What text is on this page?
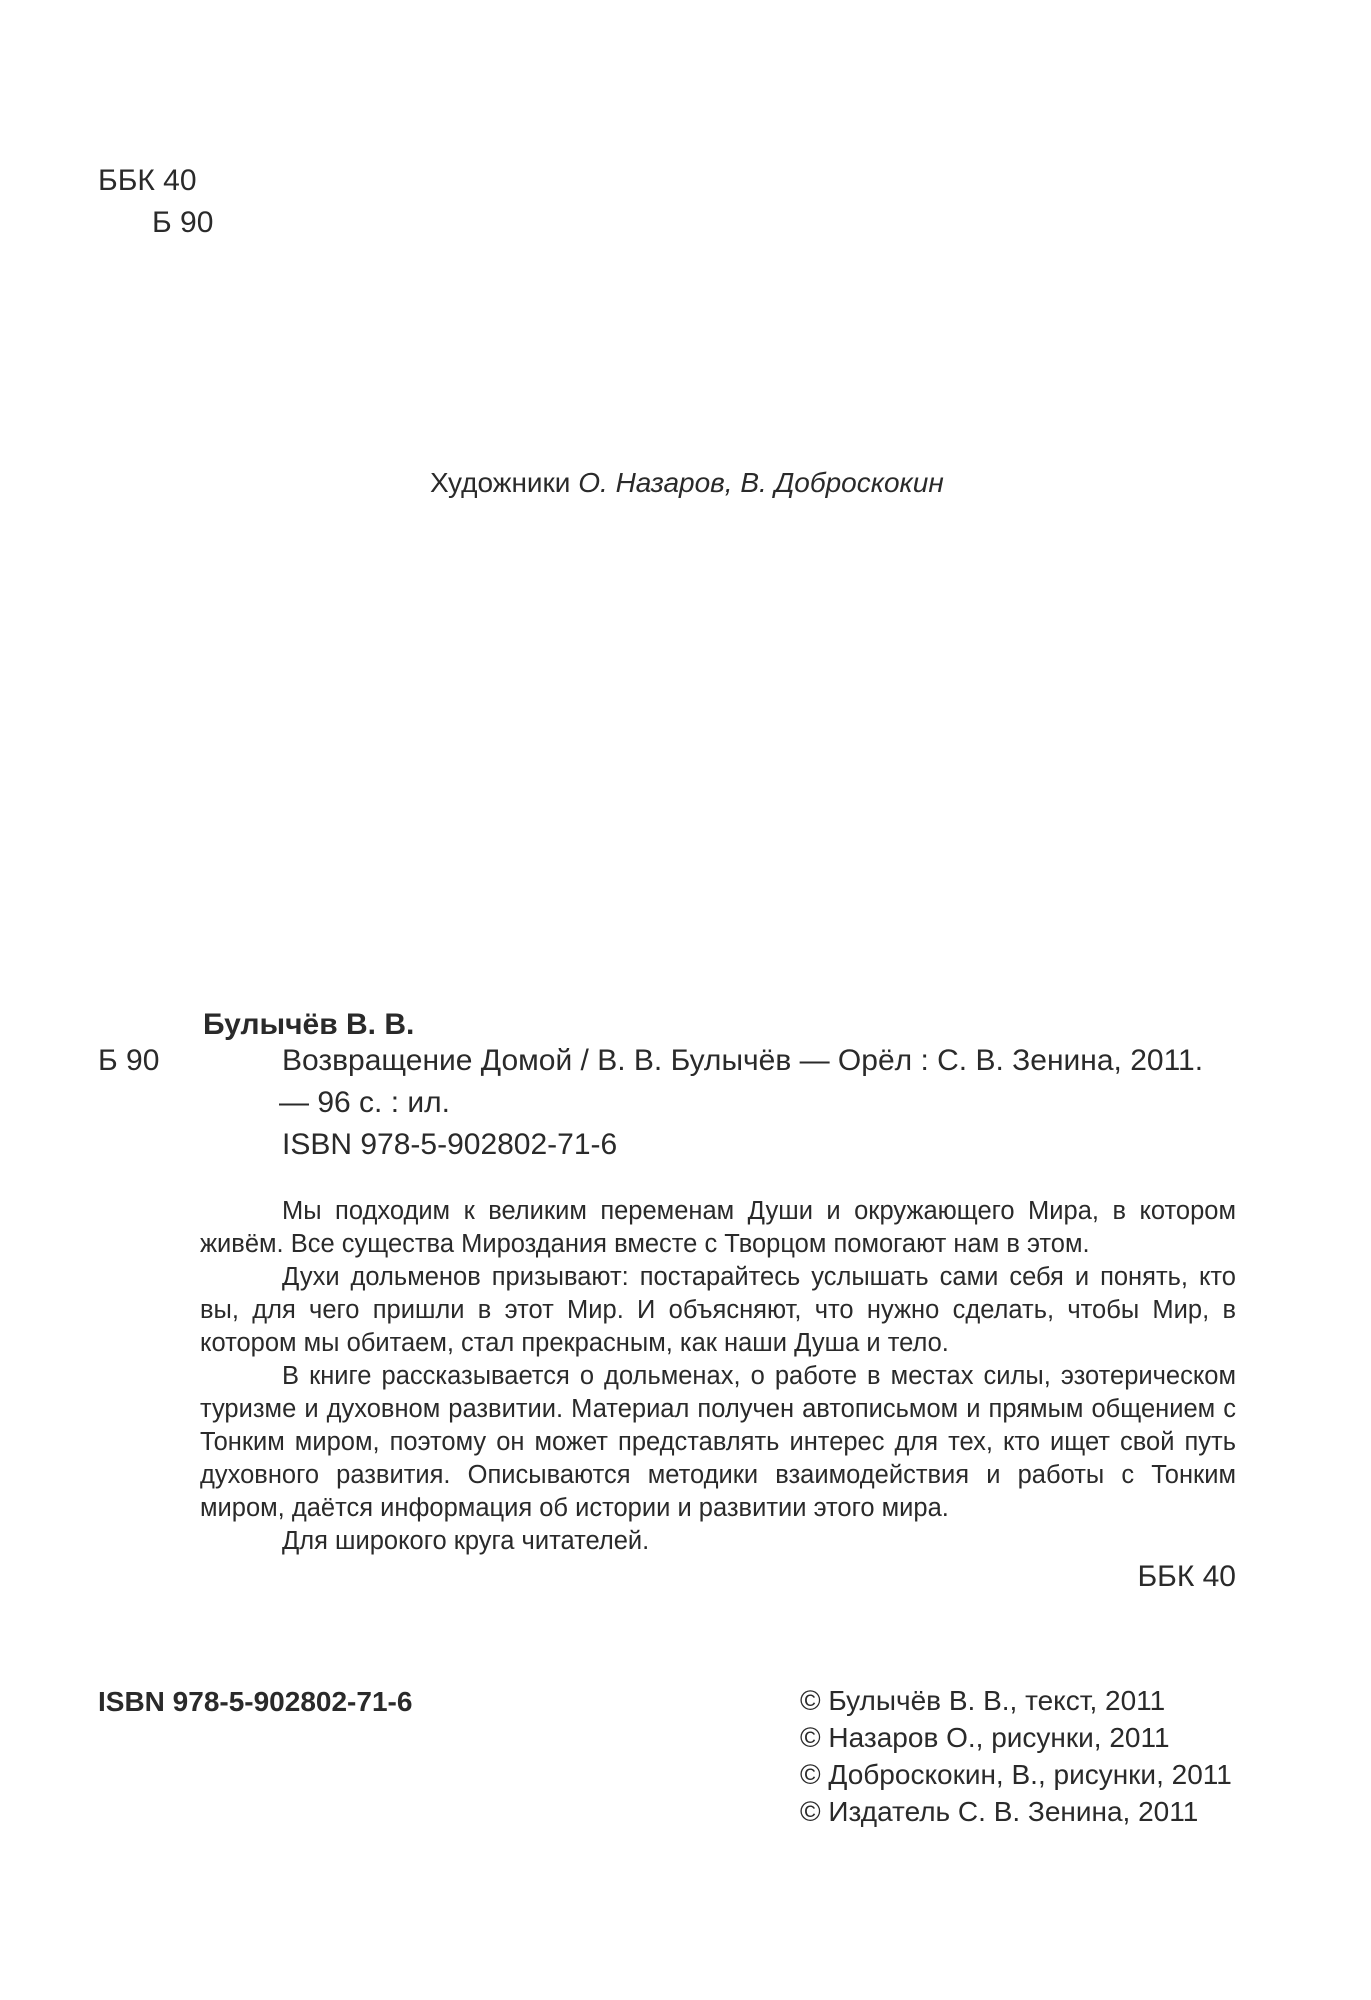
ББК 40
Б 90
Художники О. Назаров, В. Доброскокин
Булычёв В. В.
Б 90	Возвращение Домой / В. В. Булычёв — Орёл : С. В. Зенина, 2011.
— 96 с. : ил.
ISBN 978-5-902802-71-6

Мы подходим к великим переменам Души и окружающего Мира, в котором живём. Все существа Мироздания вместе с Творцом помогают нам в этом.

Духи дольменов призывают: постарайтесь услышать сами себя и понять, кто вы, для чего пришли в этот Мир. И объясняют, что нужно сделать, чтобы Мир, в котором мы обитаем, стал прекрасным, как наши Душа и тело.

В книге рассказывается о дольменах, о работе в местах силы, эзотерическом туризме и духовном развитии. Материал получен автописьмом и прямым общением с Тонким миром, поэтому он может представлять интерес для тех, кто ищет свой путь духовного развития. Описываются методики взаимодействия и работы с Тонким миром, даётся информация об истории и развитии этого мира.

Для широкого круга читателей.

ББК 40
ISBN 978-5-902802-71-6	© Булычёв В. В., текст, 2011
© Назаров О., рисунки, 2011
© Доброскокин, В., рисунки, 2011
© Издатель С. В. Зенина, 2011
